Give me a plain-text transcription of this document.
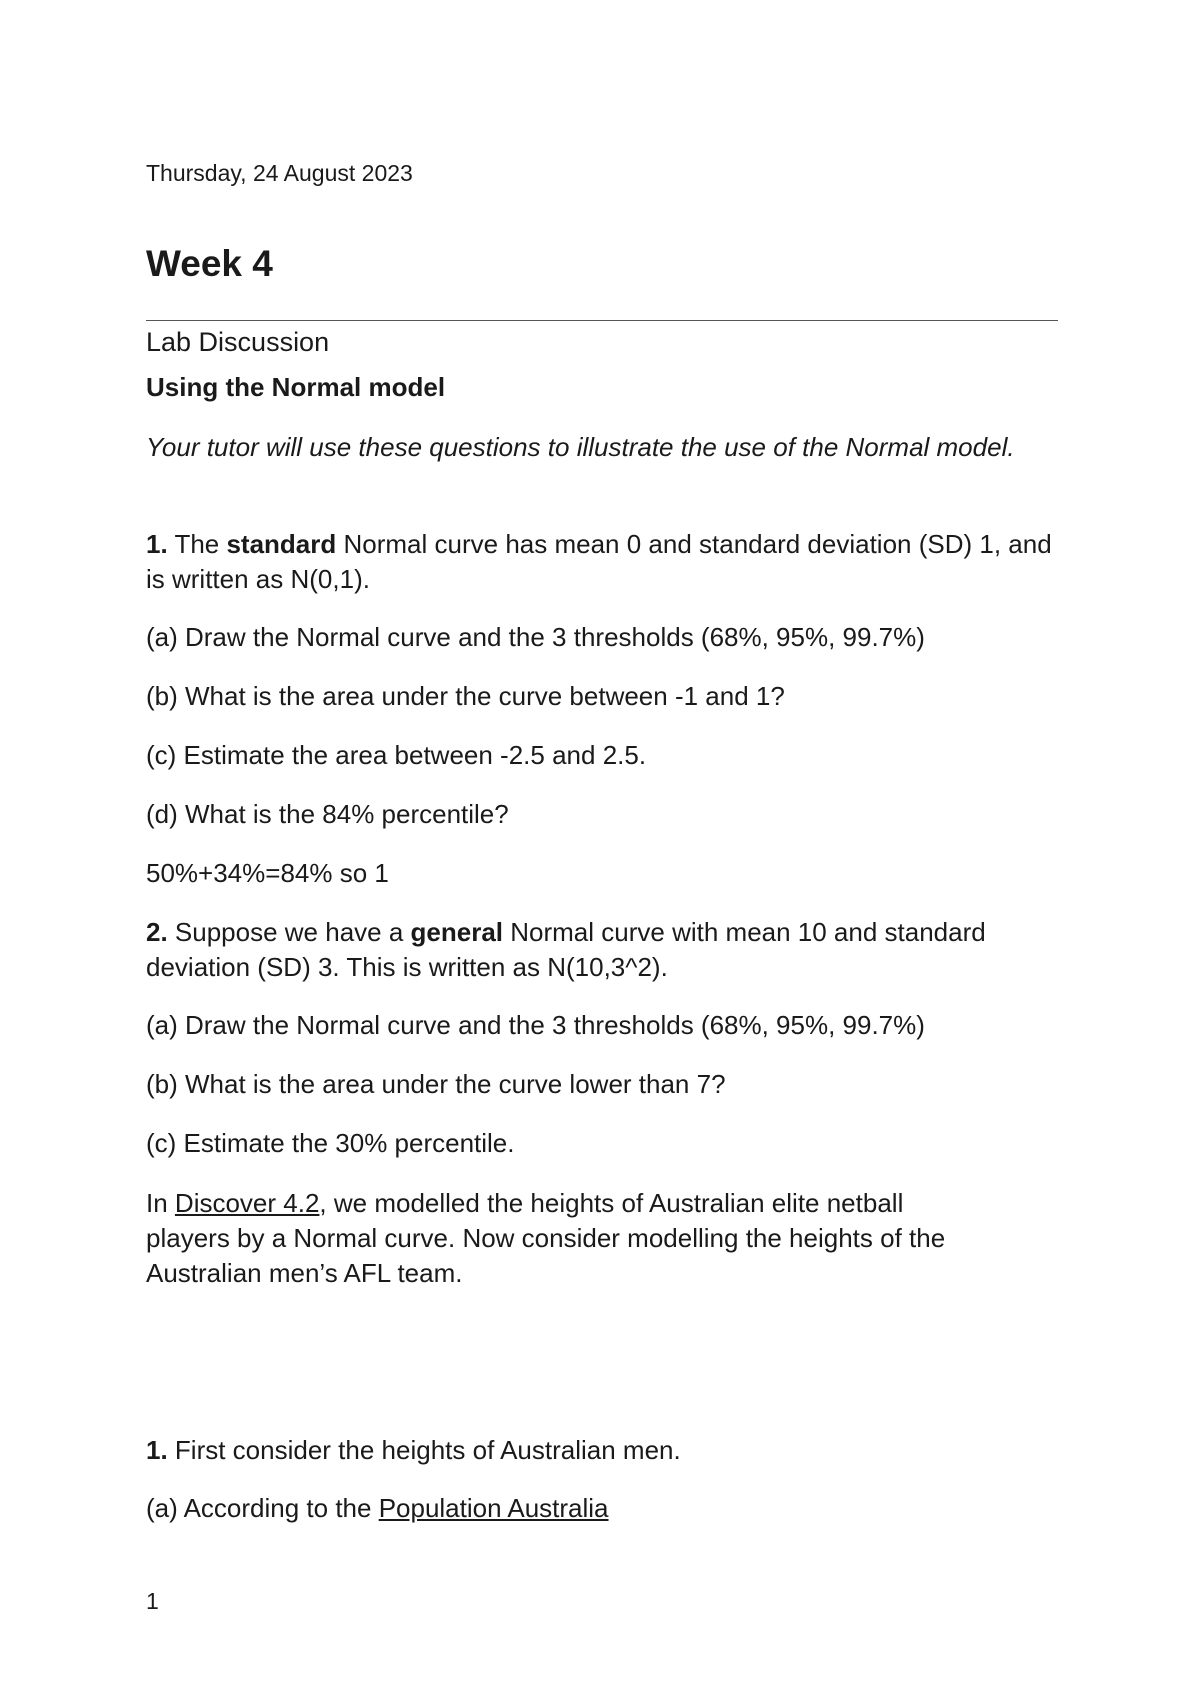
Thursday, 24 August 2023
Week 4
Lab Discussion
Using the Normal model
Your tutor will use these questions to illustrate the use of the Normal model.
1. The standard Normal curve has mean 0 and standard deviation (SD) 1, and is written as N(0,1).
(a) Draw the Normal curve and the 3 thresholds (68%, 95%, 99.7%)
(b) What is the area under the curve between -1 and 1?
(c) Estimate the area between -2.5 and 2.5.
(d) What is the 84% percentile?
50%+34%=84% so 1
2. Suppose we have a general Normal curve with mean 10 and standard deviation (SD) 3. This is written as N(10,3^2).
(a) Draw the Normal curve and the 3 thresholds (68%, 95%, 99.7%)
(b) What is the area under the curve lower than 7?
(c) Estimate the 30% percentile.
In Discover 4.2, we modelled the heights of Australian elite netball players by a Normal curve. Now consider modelling the heights of the Australian men’s AFL team.
1. First consider the heights of Australian men.
(a) According to the Population Australia
1
